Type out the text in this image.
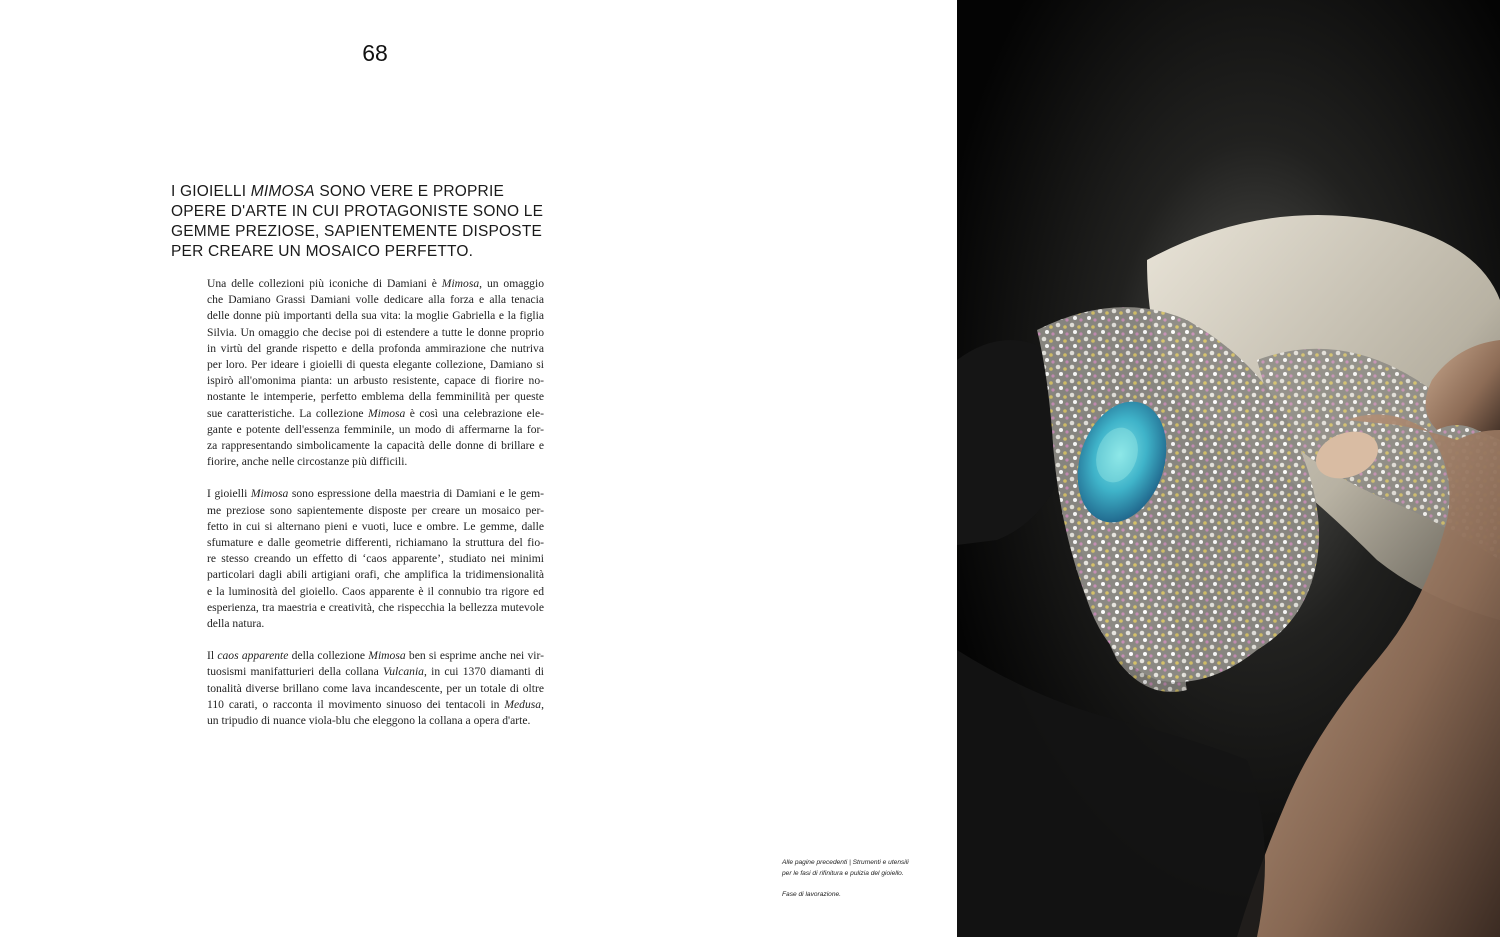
68
I GIOIELLI MIMOSA SONO VERE E PROPRIE
OPERE D'ARTE IN CUI PROTAGONISTE SONO LE
GEMME PREZIOSE, SAPIENTEMENTE DISPOSTE
PER CREARE UN MOSAICO PERFETTO.

Una delle collezioni più iconiche di Damiani è Mimosa, un omaggio
che Damiano Grassi Damiani volle dedicare alla forza e alla tenacia
delle donne più importanti della sua vita: la moglie Gabriella e la figlia
Silvia. Un omaggio che decise poi di estendere a tutte le donne proprio
in virtù del grande rispetto e della profonda ammirazione che nutriva
per loro. Per ideare i gioielli di questa elegante collezione, Damiano si
ispirò all'omonima pianta: un arbusto resistente, capace di fiorire no-
nostante le intemperie, perfetto emblema della femminilità per queste
sue caratteristiche. La collezione Mimosa è così una celebrazione ele-
gante e potente dell'essenza femminile, un modo di affermarne la for-
za rappresentando simbolicamente la capacità delle donne di brillare e
fiorire, anche nelle circostanze più difficili.

I gioielli Mimosa sono espressione della maestria di Damiani e le gem-
me preziose sono sapientemente disposte per creare un mosaico per-
fetto in cui si alternano pieni e vuoti, luce e ombre. Le gemme, dalle
sfumature e dalle geometrie differenti, richiamano la struttura del fio-
re stesso creando un effetto di ‘caos apparente’, studiato nei minimi
particolari dagli abili artigiani orafi, che amplifica la tridimensionalità
e la luminosità del gioiello. Caos apparente è il connubio tra rigore ed
esperienza, tra maestria e creatività, che rispecchia la bellezza mutevole
della natura.

Il caos apparente della collezione Mimosa ben si esprime anche nei vir-
tuosismi manifatturieri della collana Vulcania, in cui 1370 diamanti di
tonalità diverse brillano come lava incandescente, per un totale di oltre
110 carati, o racconta il movimento sinuoso dei tentacoli in Medusa,
un tripudio di nuance viola-blu che eleggono la collana a opera d'arte.

Alle pagine precedenti | Strumenti e utensili
per le fasi di rifinitura e pulizia del gioiello.
Fase di lavorazione.
